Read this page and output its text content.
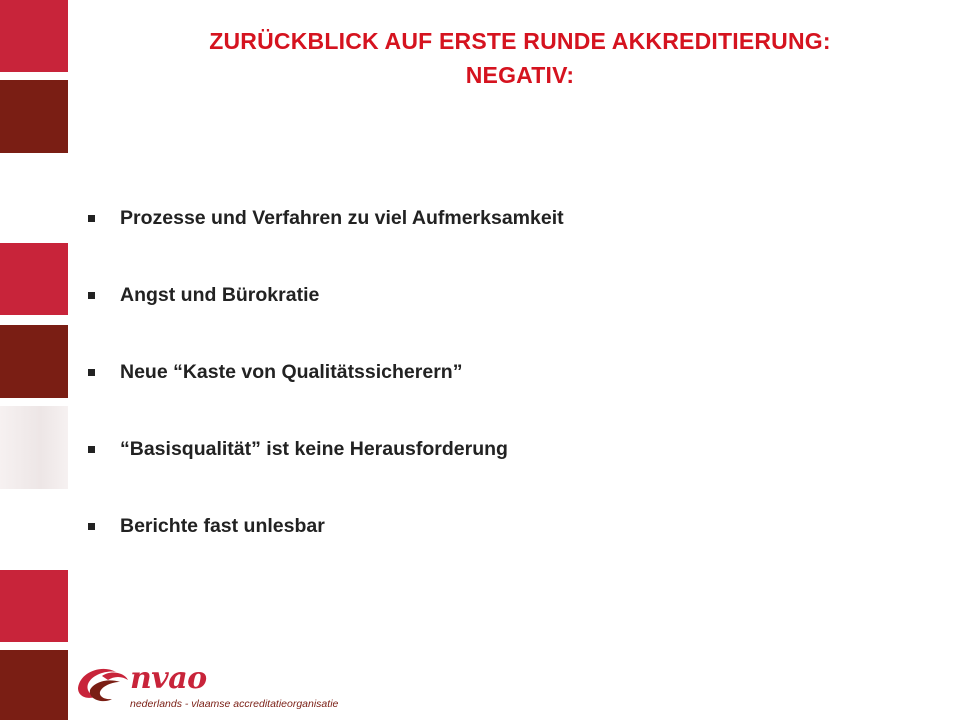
ZURÜCKBLICK AUF ERSTE RUNDE AKKREDITIERUNG:
NEGATIV:
Prozesse und Verfahren zu viel Aufmerksamkeit
Angst und Bürokratie
Neue “Kaste von Qualitätssicherern”
“Basisqualität” ist keine Herausforderung
Berichte fast unlesbar
nvao
nederlands - vlaamse accreditatieorganisatie
